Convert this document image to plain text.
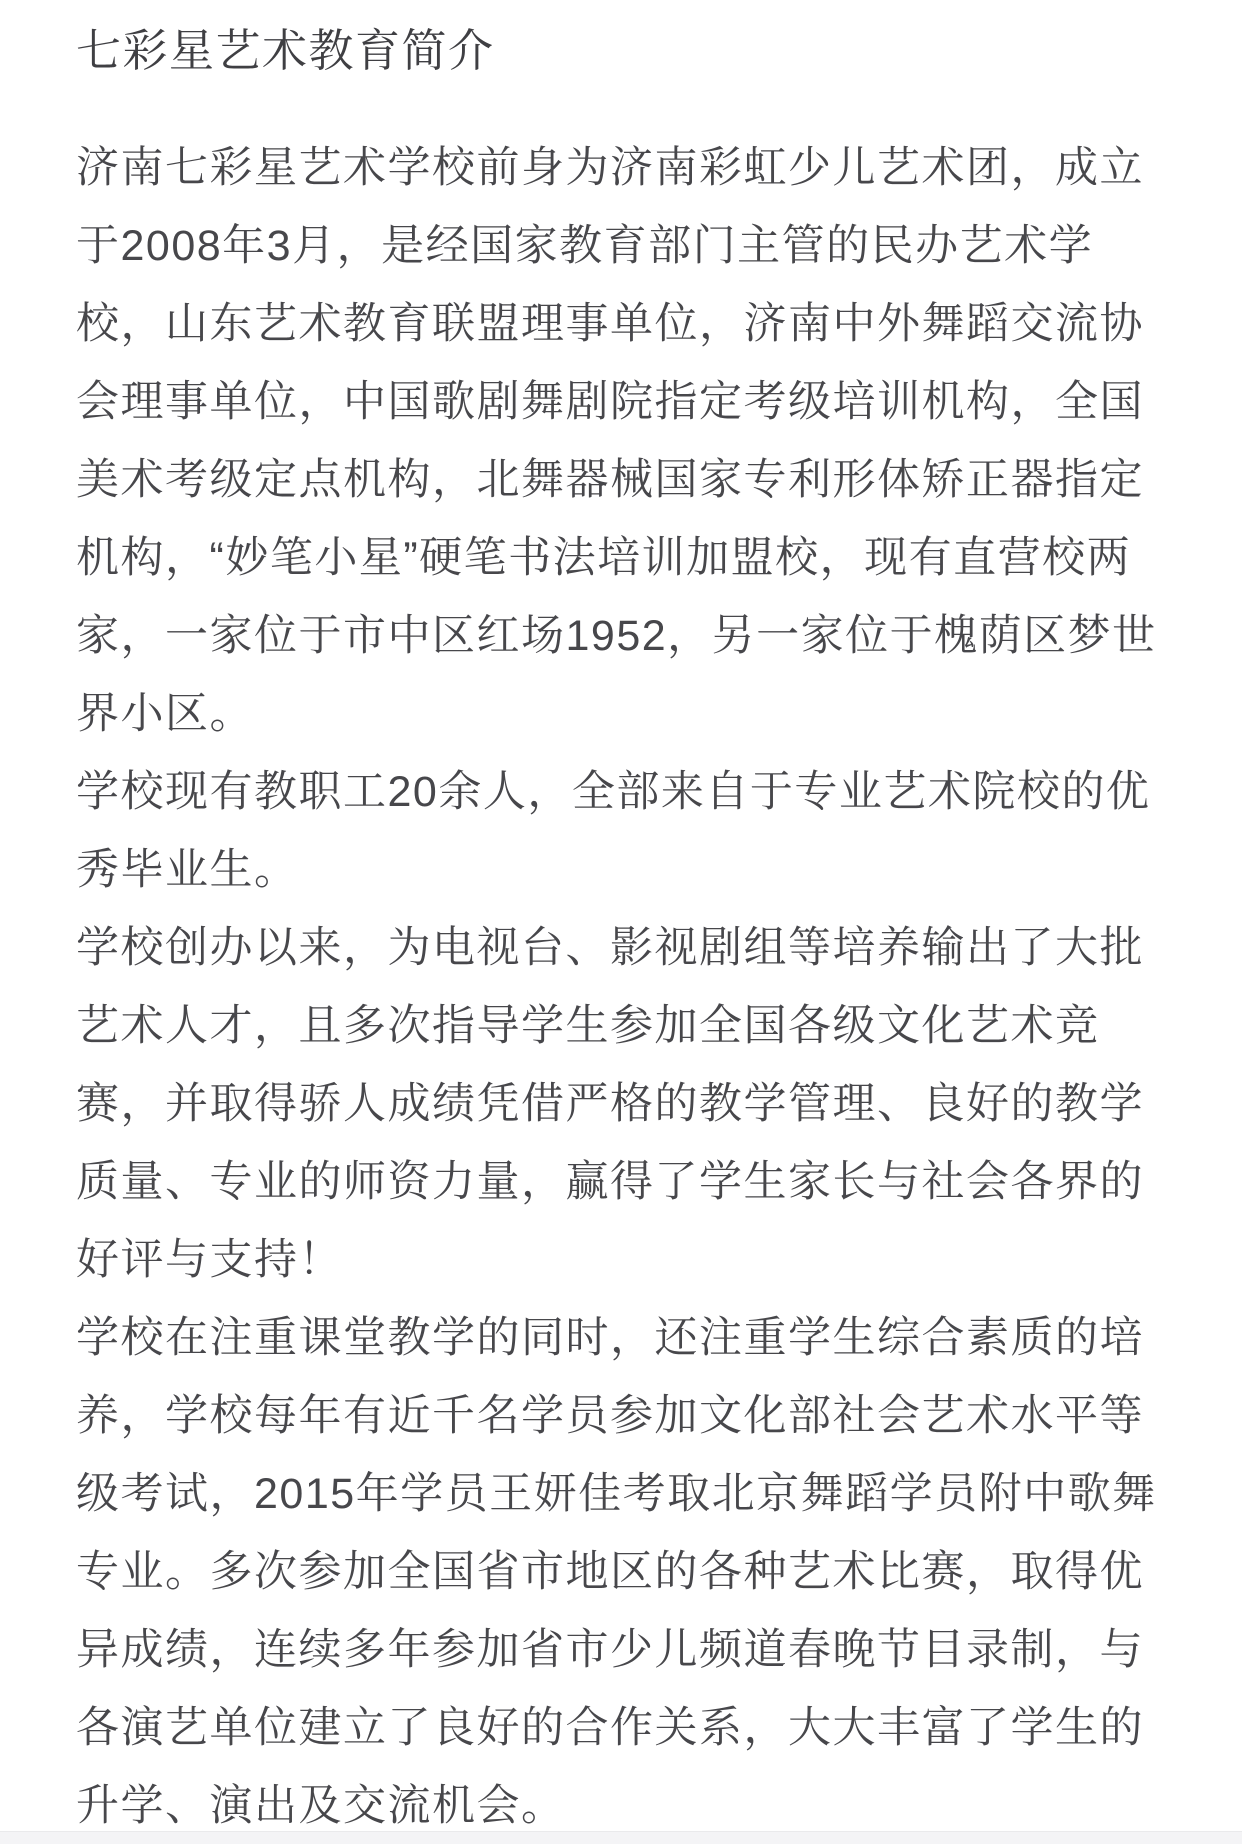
七彩星艺术教育简介
济南七彩星艺术学校前身为济南彩虹少儿艺术团，成立
于2008年3月，是经国家教育部门主管的民办艺术学
校，山东艺术教育联盟理事单位，济南中外舞蹈交流协
会理事单位，中国歌剧舞剧院指定考级培训机构，全国
美术考级定点机构，北舞器械国家专利形体矫正器指定
机构，“妙笔小星”硬笔书法培训加盟校，现有直营校两
家，一家位于市中区红场1952，另一家位于槐荫区梦世
界小区。
学校现有教职工20余人，全部来自于专业艺术院校的优
秀毕业生。
学校创办以来，为电视台、影视剧组等培养输出了大批
艺术人才，且多次指导学生参加全国各级文化艺术竞
赛，并取得骄人成绩凭借严格的教学管理、良好的教学
质量、专业的师资力量，赢得了学生家长与社会各界的
好评与支持！
学校在注重课堂教学的同时，还注重学生综合素质的培
养，学校每年有近千名学员参加文化部社会艺术水平等
级考试，2015年学员王妍佳考取北京舞蹈学员附中歌舞
专业。多次参加全国省市地区的各种艺术比赛，取得优
异成绩，连续多年参加省市少儿频道春晚节目录制，与
各演艺单位建立了良好的合作关系，大大丰富了学生的
升学、演出及交流机会。
